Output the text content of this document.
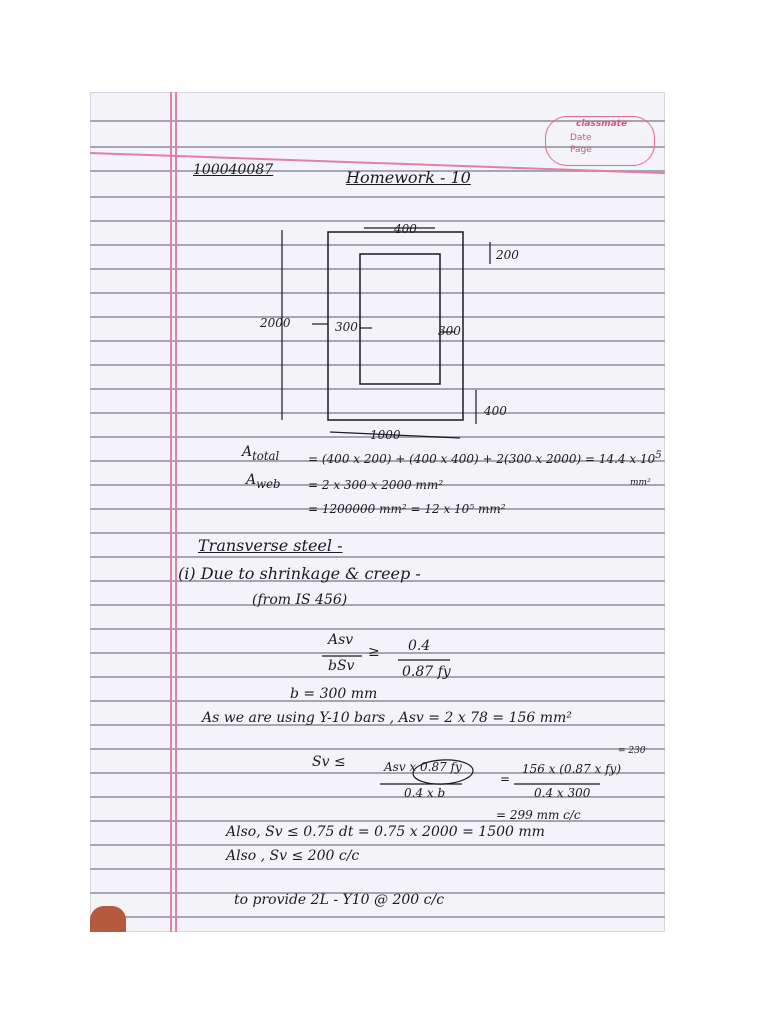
classmate
Date
Page
100040087	Homework - 10
400
200
2000	300	300
400
1000
$A_{total} = (400$ x 200) + (400 x 400) + 2(300 x 2000) = 14.4 x $10^5$
mm²
$A_{web} = 2$ x 300 x 2000 mm²
= 1200000 mm² = 12 x 10⁵ mm²
Transverse steel -
(i) Due to shrinkage & creep -
(from IS 456)
Asv
≥
bSv
0.4
0.87 fy
b = 300 mm
As we are using Y-10 bars , Asv = 2 x 78 = 156 mm²
Sv ≤	Asv x 0.87 fy
0.4 x b
=
156 x (0.87 x fy)
0.4 x 300
= 230
= 299 mm c/c
Also, Sv ≤ 0.75 dt = 0.75 x 2000 = 1500 mm
Also , Sv ≤ 200 c/c
to provide 2L - Y10 @ 200 c/c
